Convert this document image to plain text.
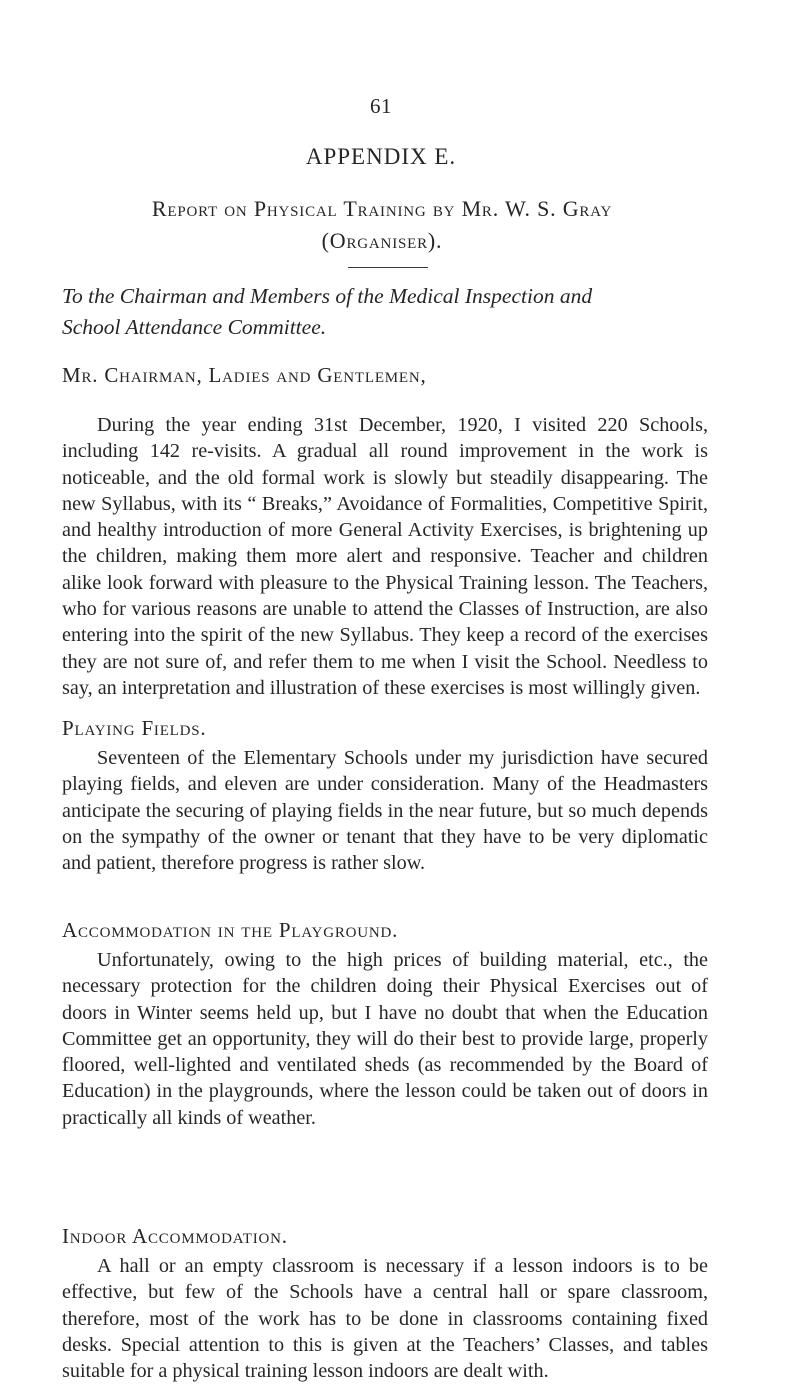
61
APPENDIX E.
Report on Physical Training by Mr. W. S. Gray
(Organiser).
To the Chairman and Members of the Medical Inspection and
School Attendance Committee.
Mr. Chairman, Ladies and Gentlemen,

During the year ending 31st December, 1920, I visited 220 Schools, including 142 re-visits. A gradual all round improvement in the work is noticeable, and the old formal work is slowly but steadily disappearing. The new Syllabus, with its “ Breaks,” Avoidance of Formalities, Competitive Spirit, and healthy introduction of more General Activity Exercises, is brightening up the children, making them more alert and responsive. Teacher and children alike look forward with pleasure to the Physical Training lesson. The Teachers, who for various reasons are unable to attend the Classes of Instruction, are also entering into the spirit of the new Syllabus. They keep a record of the exercises they are not sure of, and refer them to me when I visit the School. Needless to say, an interpretation and illustration of these exercises is most willingly given.

Playing Fields.

Seventeen of the Elementary Schools under my jurisdiction have secured playing fields, and eleven are under consideration. Many of the Headmasters anticipate the securing of playing fields in the near future, but so much depends on the sympathy of the owner or tenant that they have to be very diplomatic and patient, therefore progress is rather slow.

Accommodation in the Playground.

Unfortunately, owing to the high prices of building material, etc., the necessary protection for the children doing their Physical Exercises out of doors in Winter seems held up, but I have no doubt that when the Education Committee get an opportunity, they will do their best to provide large, properly floored, well-lighted and ventilated sheds (as recommended by the Board of Education) in the playgrounds, where the lesson could be taken out of doors in practically all kinds of weather.

Indoor Accommodation.

A hall or an empty classroom is necessary if a lesson indoors is to be effective, but few of the Schools have a central hall or spare classroom, therefore, most of the work has to be done in classrooms containing fixed desks. Special attention to this is given at the Teachers’ Classes, and tables suitable for a physical training lesson indoors are dealt with.
